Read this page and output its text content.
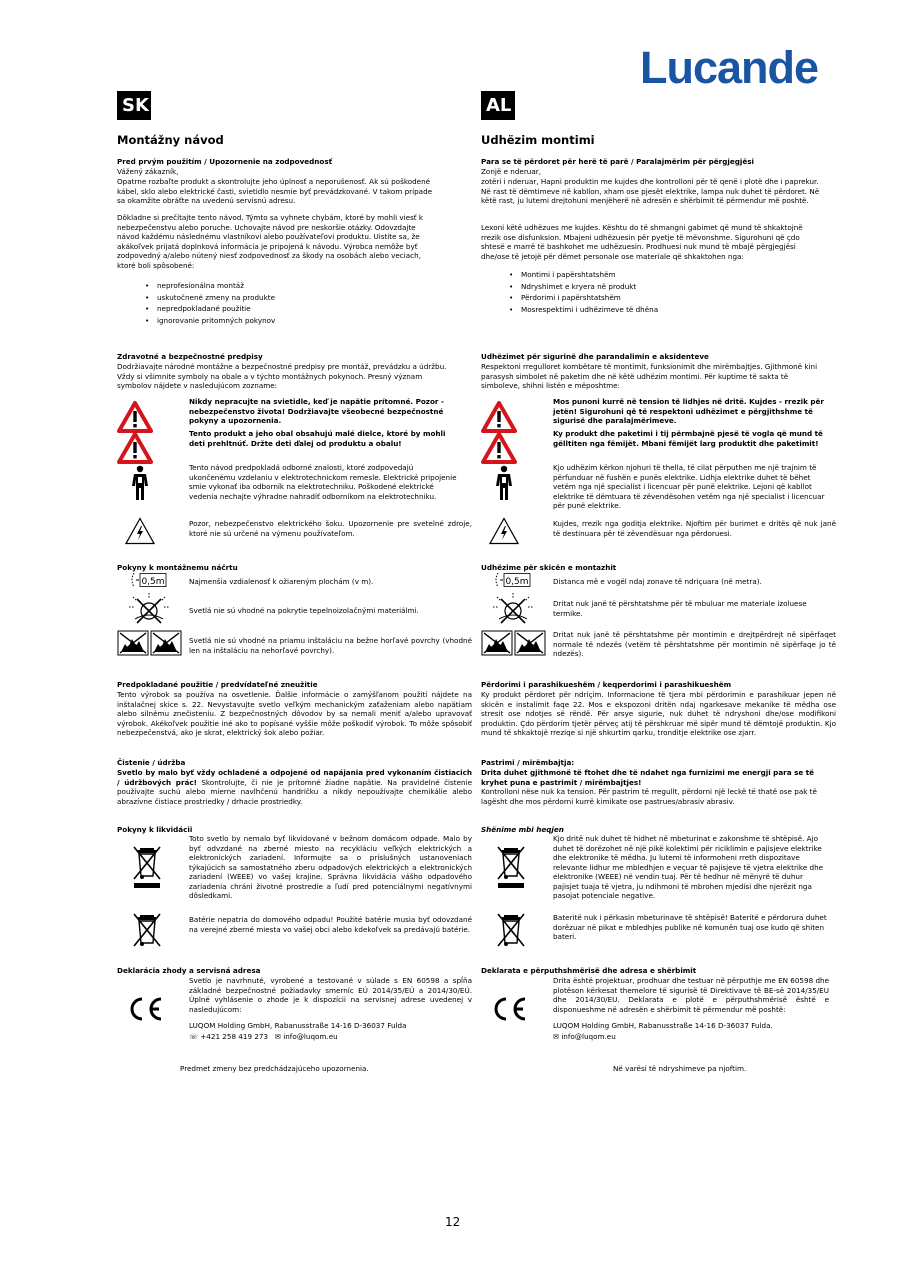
Lucande
SK
Montážny návod
Pred prvým použitím / Upozornenie na zodpovednosť
Vážený zákazník,
Opatrne rozbaľte produkt a skontrolujte jeho úplnosť a neporušenosť. Ak sú poškodené kábel, sklo alebo elektrické časti, svietidlo nesmie byť prevádzkované. V takom prípade sa okamžite obráťte na uvedenú servisnú adresu.
Dôkladne si prečítajte tento návod. Týmto sa vyhnete chybám, ktoré by mohli viesť k nebezpečenstvu alebo poruche. Uchovajte návod pre neskoršie otázky. Odovzdajte návod každému následnému vlastníkovi alebo používateľovi produktu. Uistite sa, že akákoľvek prijatá doplnková informácia je pripojená k návodu. Výrobca nemôže byť zodpovedný a/alebo nútený niesť zodpovednosť za škody na osobách alebo veciach, ktoré boli spôsobené:
• neprofesionálna montáž
• uskutočnené zmeny na produkte
• nepredpokladané použitie
• ignorovanie pritomných pokynov
Zdravotné a bezpečnostné predpisy
Dodržiavajte národné montážne a bezpečnostné predpisy pre montáž, prevádzku a údržbu. Vždy si všimnite symboly na obale a v týchto montážnych pokynoch. Presný význam symbolov nájdete v nasledujúcom zozname:
Nikdy nepracujte na svietidle, keď je napätie prítomné. Pozor - nebezpečenstvo života! Dodržiavajte všeobecné bezpečnostné pokyny a upozornenia.
Tento produkt a jeho obal obsahujú malé dielce, ktoré by mohli deti prehltnúť. Držte deti ďalej od produktu a obalu!
Tento návod predpokladá odborné znalosti, ktoré zodpovedajú ukončenému vzdelaniu v elektrotechnickom remesle. Elektrické pripojenie smie vykonať iba odborník na elektrotechniku. Poškodené elektrické vedenia nechajte výhradne nahradiť odborníkom na elektrotechniku.
Pozor, nebezpečenstvo elektrického šoku. Upozornenie pre svetelné zdroje, ktoré nie sú určené na výmenu používateľom.
Pokyny k montážnemu náčrtu
0,5m	Najmenšia vzdialenosť k ožiareným plochám (v m).
Svetlá nie sú vhodné na pokrytie tepelnoizolačnými materiálmi.
Svetlá nie sú vhodné na priamu inštaláciu na bežne horľavé povrchy (vhodné len na inštaláciu na nehorľavé povrchy).
Predpokladané použitie / predvídateľné zneužitie
Tento výrobok sa používa na osvetlenie. Ďalšie informácie o zamýšľanom použití nájdete na inštalačnej skice s. 22. Nevystavujte svetlo veľkým mechanickým zaťaženiam alebo napätiam alebo silnému znečisteniu. Z bezpečnostných dôvodov by sa nemali meniť a/alebo upravovať výrobok. Akékoľvek použitie iné ako to popísané vyššie môže poškodiť výrobok. To môže spôsobiť nebezpečenstvá, ako je skrat, elektrický šok alebo požiar.
Čistenie / údržba
Svetlo by malo byť vždy ochladené a odpojené od napájania pred vykonaním čistiacich / údržbových prác! Skontrolujte, či nie je prítomné žiadne napätie. Na pravidelné čistenie používajte suchú alebo mierne navlhčenú handričku a nikdy nepoužívajte chemikálie alebo abrazívne čistiace prostriedky / drhacie prostriedky.
Pokyny k likvidácii
Toto svetlo by nemalo byť likvidované v bežnom domácom odpade. Malo by byť odvzdané na zberné miesto na recykláciu veľkých elektrických a elektronických zariadení. Informujte sa o príslušných ustanoveniach týkajúcich sa samostatného zberu odpadových elektrických a elektronických zariadení (WEEE) vo vašej krajine. Správna likvidácia vášho odpadového zariadenia chráni životné prostredie a ľudí pred potenciálnymi negatívnymi dôsledkami.
Batérie nepatria do domového odpadu! Použité batérie musia byť odovzdané na verejné zberné miesta vo vašej obci alebo kdekoľvek sa predávajú batérie.
Deklarácia zhody a servisná adresa
Svetlo je navrhnuté, vyrobené a testované v súlade s EN 60598 a spĺňa základné bezpečnostné požiadavky smerníc EÚ 2014/35/EÚ a 2014/30/EÚ. Úplné vyhlásenie o zhode je k dispozícii na servisnej adrese uvedenej v nasledujúcom:
LUQOM Holding GmbH, Rabanusstraße 14-16 D-36037 Fulda
☏ +421 258 419 273   ✉ info@luqom.eu
Predmet zmeny bez predchádzajúceho upozornenia.
AL
Udhëzim montimi
Para se të përdoret për herë të parë / Paralajmërim për përgjegjësi
Zonjë e nderuar,
zotëri i nderuar, Hapni produktin me kujdes dhe kontrolloni për të qenë i plotë dhe i paprekur. Në rast të dëmtimeve në kabllon, xham ose pjesët elektrike, lampa nuk duhet të përdoret. Në këtë rast, ju lutemi drejtohuni menjëherë në adresën e shërbimit të përmendur më poshtë.
Lexoni këtë udhëzues me kujdes. Kështu do të shmangni gabimet që mund të shkaktojnë rrezik ose disfunksion. Mbajeni udhëzuesin për pyetje të mëvonshme. Sigurohuni që çdo shtesë e marrë të bashkohet me udhëzuesin. Prodhuesi nuk mund të mbajë përgjegjësi dhe/ose të jetojë për dëmet personale ose materiale që shkaktohen nga:
• Montimi i papërshtatshëm
• Ndryshimet e kryera në produkt
• Përdorimi i papërshtatshëm
• Mosrespektimi i udhëzimeve të dhëna
Udhëzimet për sigurinë dhe parandalimin e aksidenteve
Respektoni rregulloret kombëtare të montimit, funksionimit dhe mirëmbajtjes. Gjithmonë kini parasysh simbolet në paketim dhe në këtë udhëzim montimi. Për kuptime të sakta të simboleve, shihni listën e mëposhtme:
Mos punoni kurrë në tension të lidhjes në dritë. Kujdes - rrezik për jetën! Sigurohuni që të respektoni udhëzimet e përgjithshme të sigurisë dhe paralajmërimeve.
Ky produkt dhe paketimi i tij përmbajnë pjesë të vogla që mund të gëlltiten nga fëmijët. Mbani fëmijët larg produktit dhe paketimit!
Kjo udhëzim kërkon njohuri të thella, të cilat përputhen me një trajnim të përfunduar në fushën e punës elektrike. Lidhja elektrike duhet të bëhet vetëm nga një specialist i licencuar për punë elektrike. Lejoni që kabllot elektrike të dëmtuara të zëvendësohen vetëm nga një specialist i licencuar për punë elektrike.
Kujdes, rrezik nga goditja elektrike. Njoftim për burimet e dritës që nuk janë të destinuara për të zëvendësuar nga përdoruesi.
Udhëzime për skicën e montazhit
0,5m	Distanca më e vogël ndaj zonave të ndriçuara (në metra).
Dritat nuk janë të përshtatshme për të mbuluar me materiale izoluese termike.
Dritat nuk janë të përshtatshme për montimin e drejtpërdrejt në sipërfaqet normale të ndezës (vetëm të përshtatshme për montimin në sipërfaqe jo të ndezës).
Përdorimi i parashikueshëm / keqperdorimi i parashikueshëm
Ky produkt përdoret për ndriçim. Informacione të tjera mbi përdorimin e parashikuar jepen në skicën e instalimit faqe 22. Mos e ekspozoni dritën ndaj ngarkesave mekanike të mëdha ose stresit ose ndotjes së rëndë. Për arsye sigurie, nuk duhet të ndryshoni dhe/ose modifikoni produktin. Çdo përdorim tjetër përveç atij të përshkruar më sipër mund të dëmtojë produktin. Kjo mund të shkaktojë rreziqe si një shkurtim qarku, tronditje elektrike ose zjarr.
Pastrimi / mirëmbajtja:
Drita duhet gjithmonë të ftohet dhe të ndahet nga furnizimi me energji para se të kryhet puna e pastrimit / mirëmbajtjes!
Kontrolloni nëse nuk ka tension. Për pastrim të rregullt, përdorni një leckë të thatë ose pak të lagësht dhe mos përdorni kurrë kimikate ose pastrues/abrasiv abrasiv.
Shënime mbi heqjen
Kjo dritë nuk duhet të hidhet në mbeturinat e zakonshme të shtëpisë. Ajo duhet të dorëzohet në një pikë kolektimi për riciklimin e pajisjeve elektrike dhe elektronike të mëdha. Ju lutemi të informoheni rreth dispozitave relevante lidhur me mbledhjen e veçuar të pajisjeve të vjetra elektrike dhe elektronike (WEEE) në vendin tuaj. Për të hedhur në mënyrë të duhur pajisjet tuaja të vjetra, ju ndihmoni të mbrohen mjedisi dhe njerëzit nga pasojat potenciale negative.
Bateritë nuk i përkasin mbeturinave të shtëpisë! Bateritë e përdorura duhet dorëzuar në pikat e mbledhjes publike në komunën tuaj ose kudo që shiten bateri.
Deklarata e përputhshmërisë dhe adresa e shërbimit
Drita është projektuar, prodhuar dhe testuar në përputhje me EN 60598 dhe plotëson kërkesat themelore të sigurisë të Direktivave të BE-së 2014/35/EU dhe 2014/30/EU. Deklarata e plotë e përputhshmërisë është e disponueshme në adresën e shërbimit të përmendur më poshtë:
LUQOM Holding GmbH, Rabanusstraße 14-16 D-36037 Fulda.
✉ info@luqom.eu
Në varësi të ndryshimeve pa njoftim.
12
